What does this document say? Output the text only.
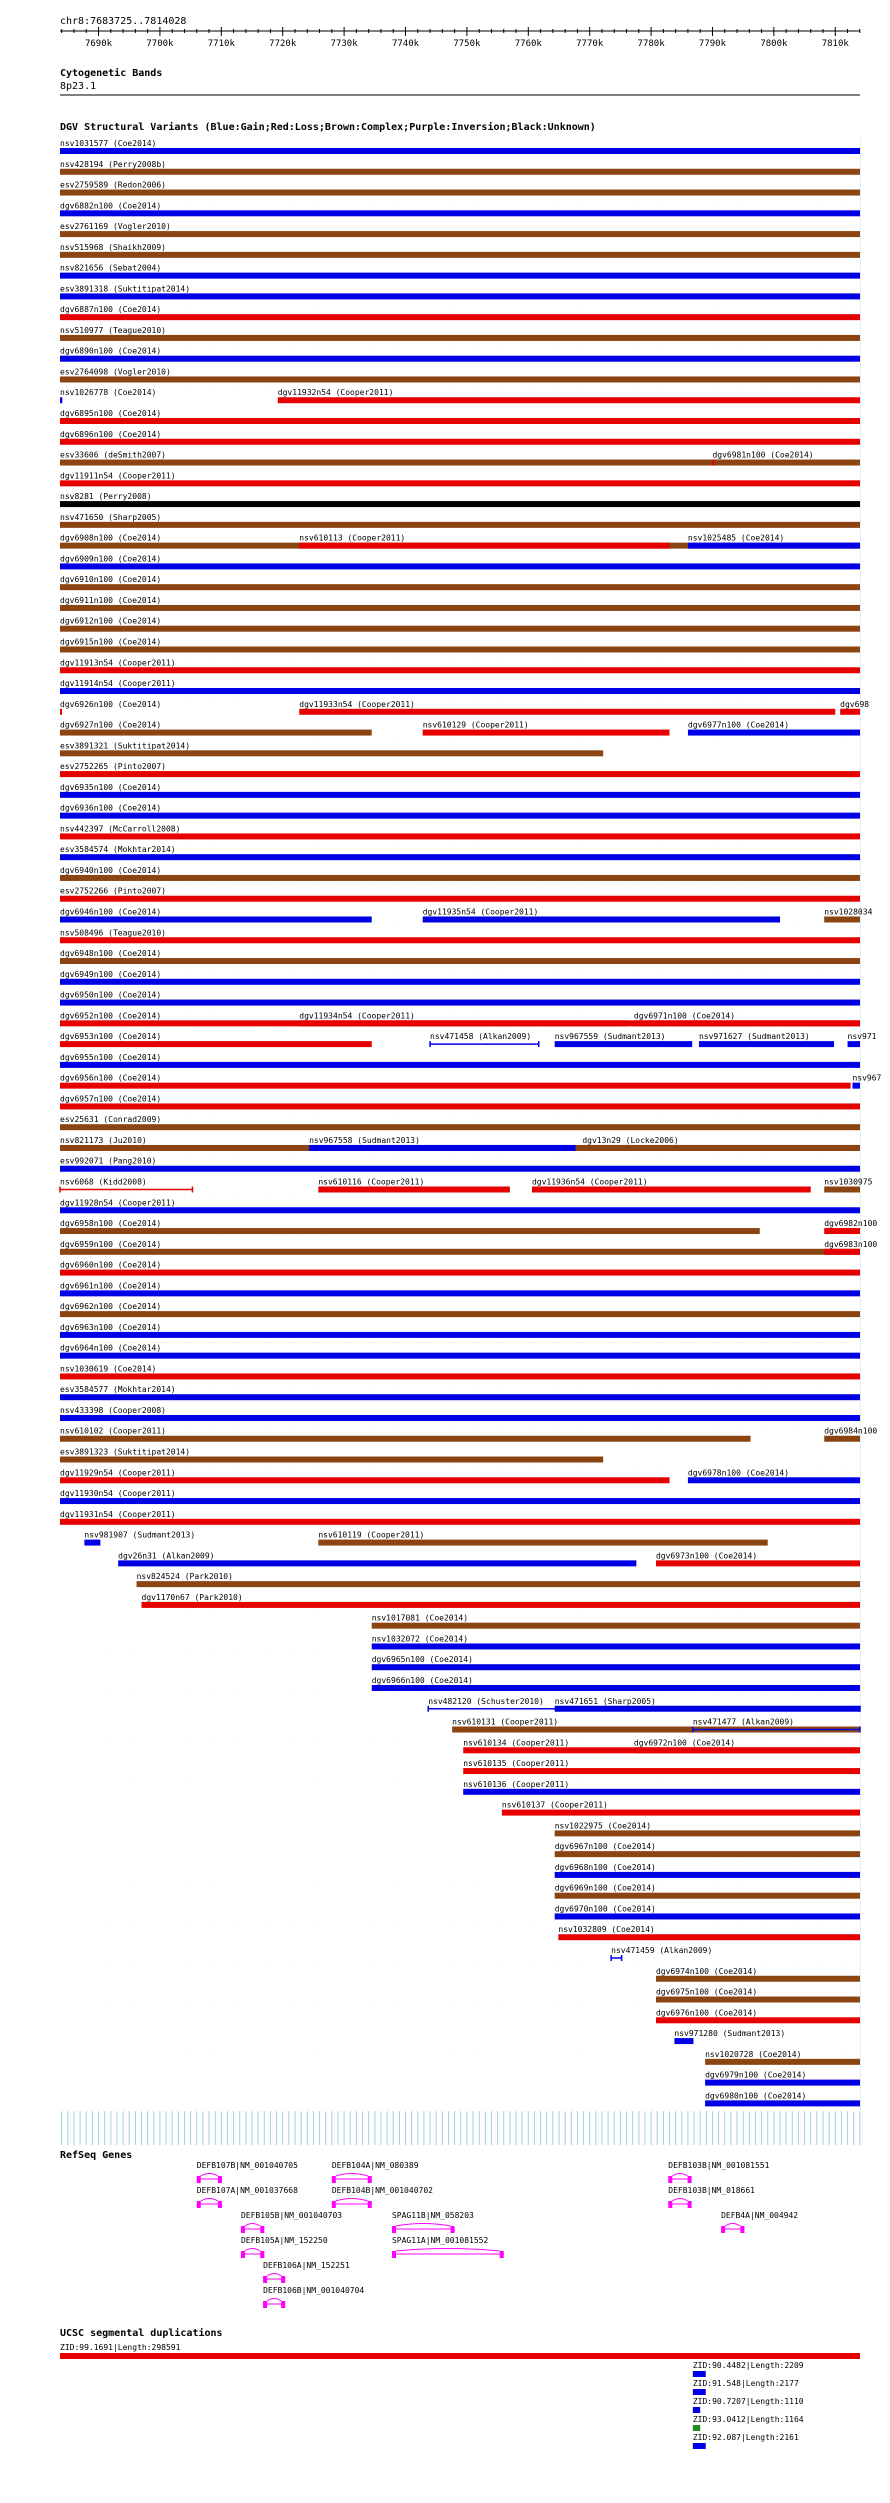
chr8:7683725..7814028
7690k	7700k	7710k	7720k	7730k	7740k	7750k	7760k	7770k	7780k	7790k	7800k	7810k
Cytogenetic Bands
8p23.1
DGV Structural Variants (Blue:Gain;Red:Loss;Brown:Complex;Purple:Inversion;Black:Unknown)
nsv1031577 (Coe2014)
nsv428194 (Perry2008b)
esv2759589 (Redon2006)
dgv6882n100 (Coe2014)
esv2761169 (Vogler2010)
nsv515968 (Shaikh2009)
nsv821656 (Sebat2004)
esv3891318 (Suktitipat2014)
dgv6887n100 (Coe2014)
nsv510977 (Teague2010)
dgv6890n100 (Coe2014)
esv2764098 (Vogler2010)
nsv1026778 (Coe2014)	dgv11932n54 (Cooper2011)
dgv6895n100 (Coe2014)
dgv6896n100 (Coe2014)
esv33606 (deSmith2007)	dgv6981n100 (Coe2014)
dgv11911n54 (Cooper2011)
nsv8281 (Perry2008)
nsv471650 (Sharp2005)
dgv6908n100 (Coe2014)	nsv610113 (Cooper2011)	nsv1025485 (Coe2014)
dgv6909n100 (Coe2014)
dgv6910n100 (Coe2014)
dgv6911n100 (Coe2014)
dgv6912n100 (Coe2014)
dgv6915n100 (Coe2014)
dgv11913n54 (Cooper2011)
dgv11914n54 (Cooper2011)
dgv6926n100 (Coe2014)	dgv11933n54 (Cooper2011)	dgv698
dgv6927n100 (Coe2014)	nsv610129 (Cooper2011)	dgv6977n100 (Coe2014)
esv3891321 (Suktitipat2014)
esv2752265 (Pinto2007)
dgv6935n100 (Coe2014)
dgv6936n100 (Coe2014)
nsv442397 (McCarroll2008)
esv3584574 (Mokhtar2014)
dgv6940n100 (Coe2014)
esv2752266 (Pinto2007)
dgv6946n100 (Coe2014)	dgv11935n54 (Cooper2011)	nsv1028034
nsv508496 (Teague2010)
dgv6948n100 (Coe2014)
dgv6949n100 (Coe2014)
dgv6950n100 (Coe2014)
dgv6952n100 (Coe2014)	dgv11934n54 (Cooper2011)	dgv6971n100 (Coe2014)
dgv6953n100 (Coe2014)	nsv471458 (Alkan2009)	nsv967559 (Sudmant2013)	nsv971627 (Sudmant2013)	nsv971
dgv6955n100 (Coe2014)
dgv6956n100 (Coe2014)	nsv967
dgv6957n100 (Coe2014)
esv25631 (Conrad2009)
nsv821173 (Ju2010)	nsv967558 (Sudmant2013)	dgv13n29 (Locke2006)
esv992071 (Pang2010)
nsv6068 (Kidd2008)	nsv610116 (Cooper2011)	dgv11936n54 (Cooper2011)	nsv1030975
dgv11928n54 (Cooper2011)
dgv6958n100 (Coe2014)	dgv6982n100
dgv6959n100 (Coe2014)	dgv6983n100
dgv6960n100 (Coe2014)
dgv6961n100 (Coe2014)
dgv6962n100 (Coe2014)
dgv6963n100 (Coe2014)
dgv6964n100 (Coe2014)
nsv1030619 (Coe2014)
esv3584577 (Mokhtar2014)
nsv433398 (Cooper2008)
nsv610102 (Cooper2011)	dgv6984n100
esv3891323 (Suktitipat2014)
dgv11929n54 (Cooper2011)	dgv6978n100 (Coe2014)
dgv11930n54 (Cooper2011)
dgv11931n54 (Cooper2011)
nsv981907 (Sudmant2013)	nsv610119 (Cooper2011)
dgv26n31 (Alkan2009)	dgv6973n100 (Coe2014)
nsv824524 (Park2010)
dgv1170n67 (Park2010)
nsv1017081 (Coe2014)
nsv1032072 (Coe2014)
dgv6965n100 (Coe2014)
dgv6966n100 (Coe2014)
nsv482120 (Schuster2010) nsv471651 (Sharp2005)
nsv610131 (Cooper2011)	nsv471477 (Alkan2009)
nsv610134 (Cooper2011)	dgv6972n100 (Coe2014)
nsv610135 (Cooper2011)
nsv610136 (Cooper2011)
nsv610137 (Cooper2011)
nsv1022975 (Coe2014)
dgv6967n100 (Coe2014)
dgv6968n100 (Coe2014)
dgv6969n100 (Coe2014)
dgv6970n100 (Coe2014)
nsv1032809 (Coe2014)
nsv471459 (Alkan2009)
dgv6974n100 (Coe2014)
dgv6975n100 (Coe2014)
dgv6976n100 (Coe2014)
nsv971280 (Sudmant2013)
nsv1020728 (Coe2014)
dgv6979n100 (Coe2014)
dgv6980n100 (Coe2014)
RefSeq Genes
DEFB107B|NM_001040705	DEFB104A|NM_080389	DEFB103B|NM_001081551
DEFB107A|NM_001037668	DEFB104B|NM_001040702	DEFB103B|NM_018661
DEFB105B|NM_001040703	SPAG11B|NM_058203	DEFB4A|NM_004942
DEFB105A|NM_152250	SPAG11A|NM_001081552
DEFB106A|NM_152251
DEFB106B|NM_001040704
UCSC segmental duplications
ZID:99.1691|Length:298591
ZID:90.4482|Length:2209
ZID:91.548|Length:2177
ZID:90.7207|Length:1110
ZID:93.0412|Length:1164
ZID:92.087|Length:2161
